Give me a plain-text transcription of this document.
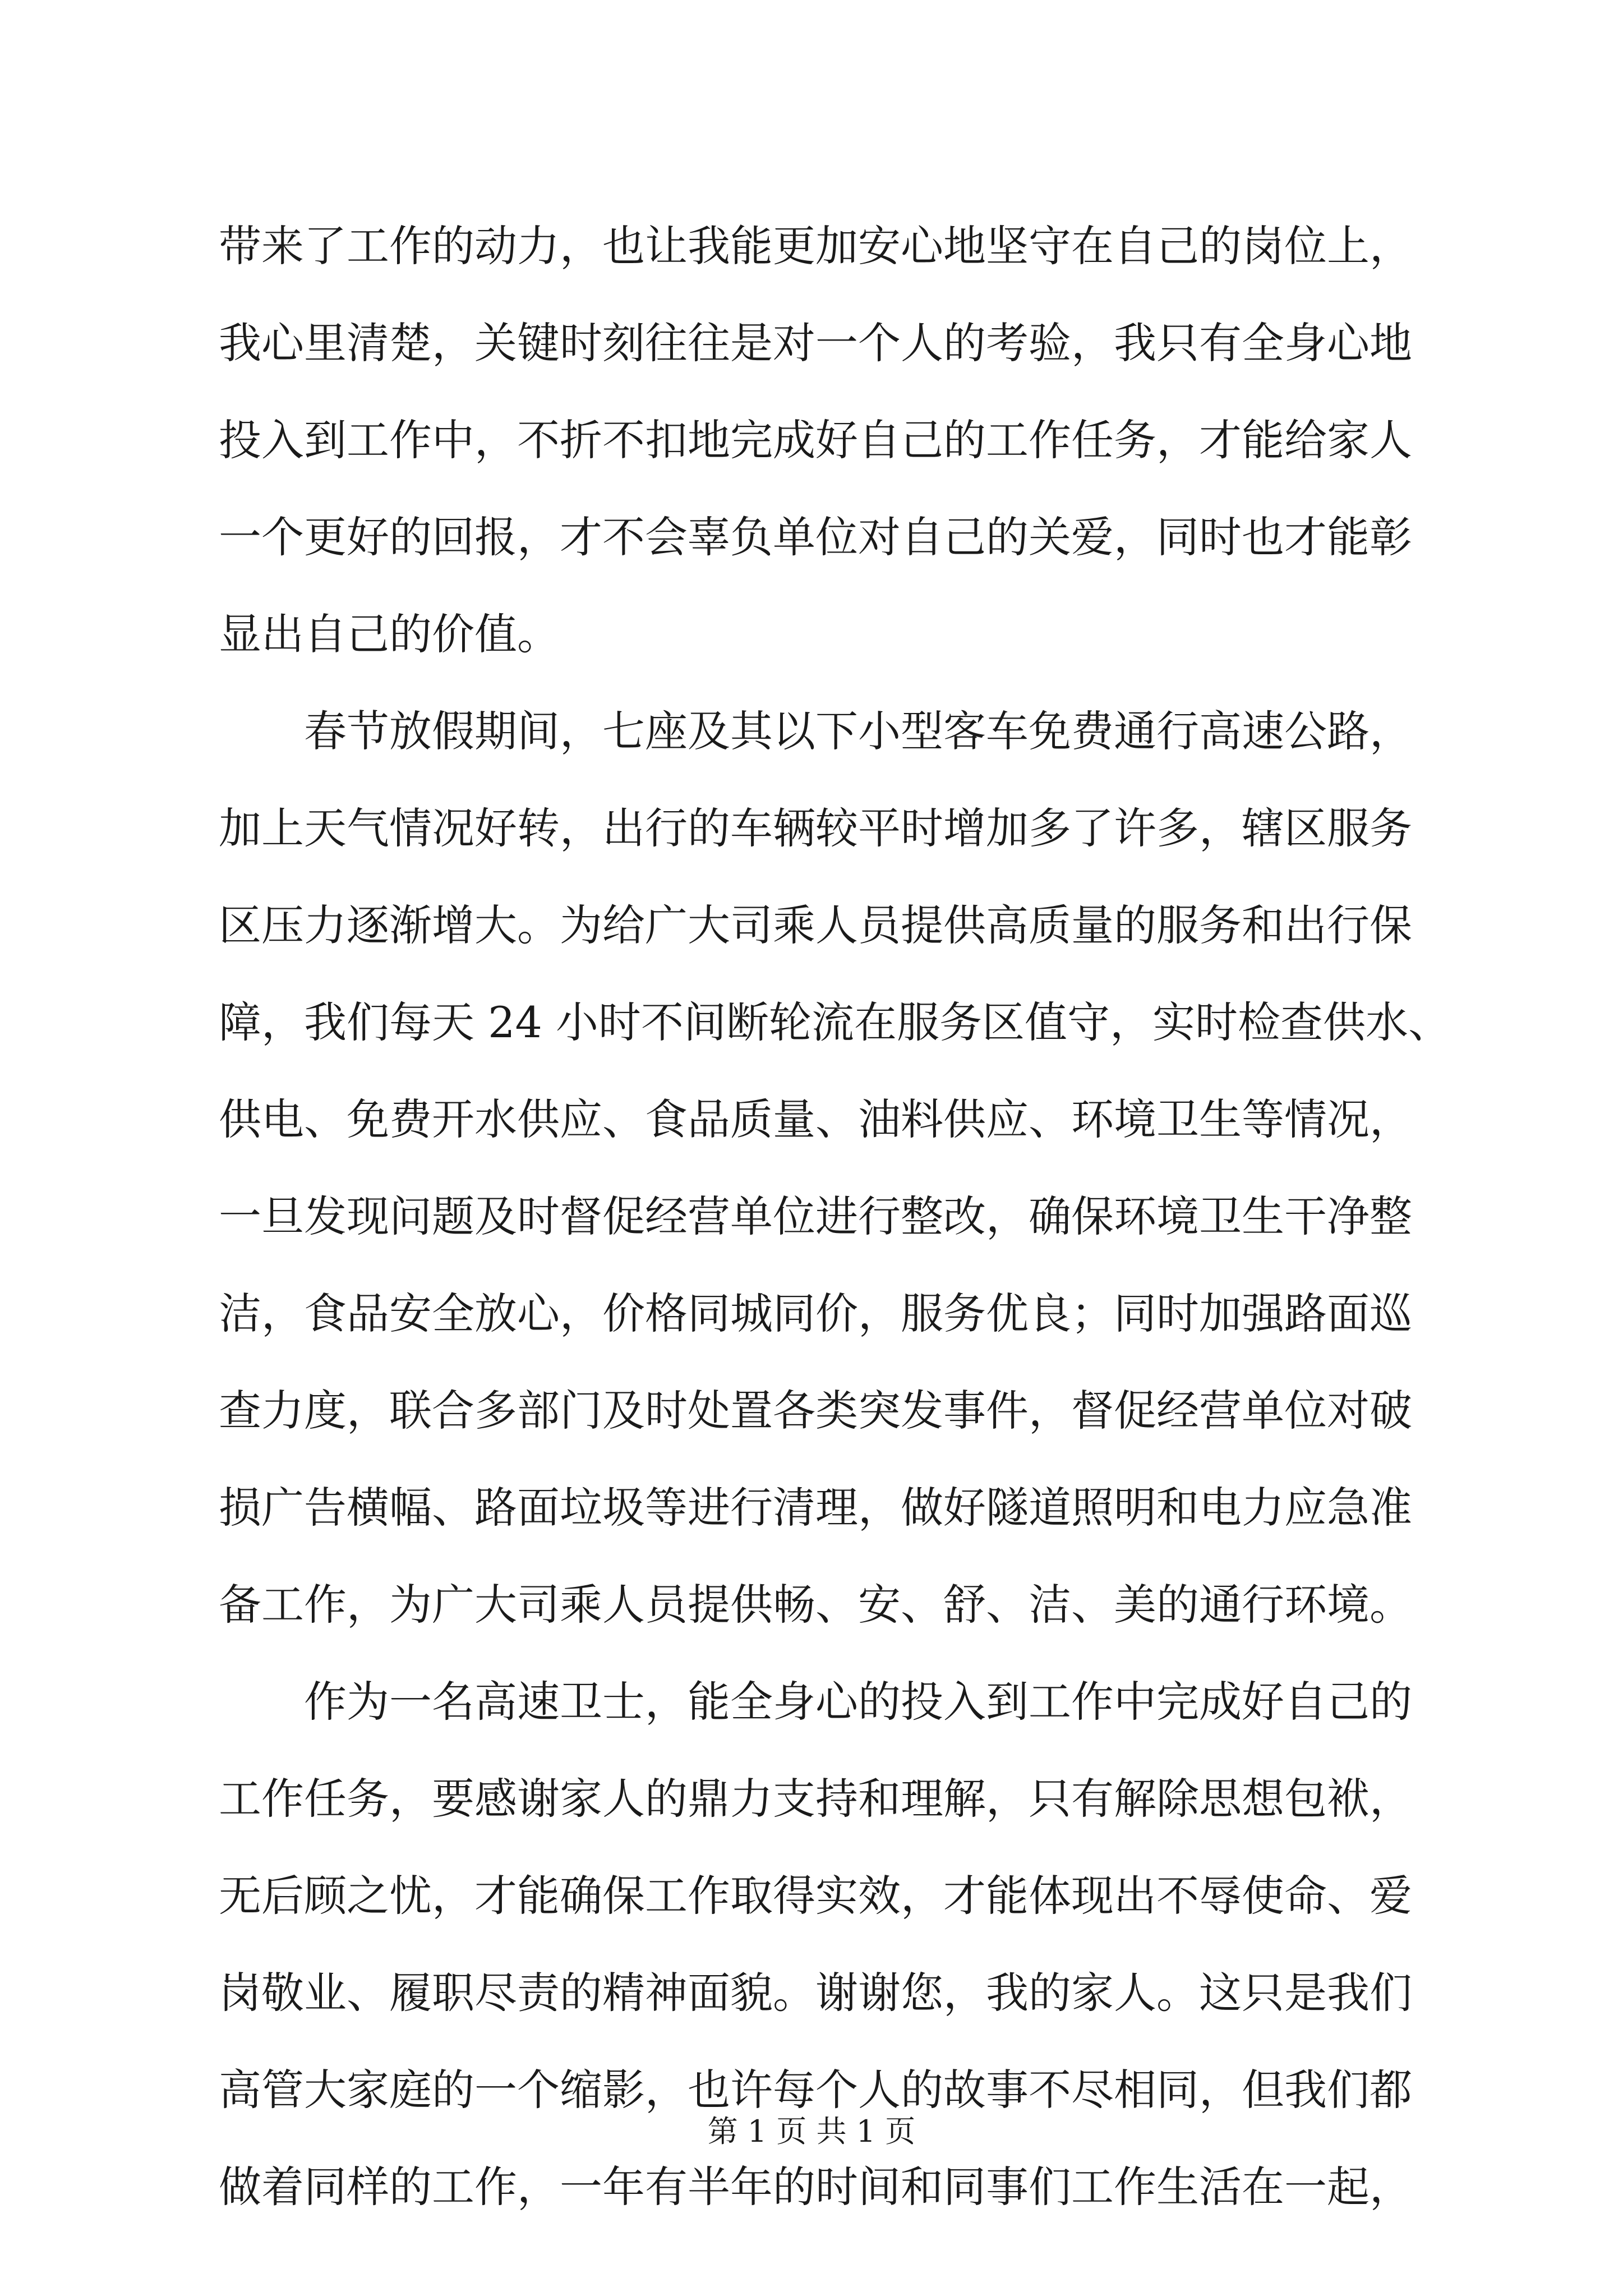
带来了工作的动力，也让我能更加安心地坚守在自己的岗位上，
我心里清楚，关键时刻往往是对一个人的考验，我只有全身心地
投入到工作中，不折不扣地完成好自己的工作任务，才能给家人
一个更好的回报，才不会辜负单位对自己的关爱，同时也才能彰
显出自己的价值。
春节放假期间，七座及其以下小型客车免费通行高速公路，
加上天气情况好转，出行的车辆较平时增加多了许多，辖区服务
区压力逐渐增大。为给广大司乘人员提供高质量的服务和出行保
障，我们每天 24 小时不间断轮流在服务区值守，实时检查供水、
供电、免费开水供应、食品质量、油料供应、环境卫生等情况，
一旦发现问题及时督促经营单位进行整改，确保环境卫生干净整
洁，食品安全放心，价格同城同价，服务优良；同时加强路面巡
查力度，联合多部门及时处置各类突发事件，督促经营单位对破
损广告横幅、路面垃圾等进行清理，做好隧道照明和电力应急准
备工作，为广大司乘人员提供畅、安、舒、洁、美的通行环境。
作为一名高速卫士，能全身心的投入到工作中完成好自己的
工作任务，要感谢家人的鼎力支持和理解，只有解除思想包袱，
无后顾之忧，才能确保工作取得实效，才能体现出不辱使命、爱
岗敬业、履职尽责的精神面貌。谢谢您，我的家人。这只是我们
高管大家庭的一个缩影，也许每个人的故事不尽相同，但我们都
做着同样的工作，一年有半年的时间和同事们工作生活在一起，
第 1 页 共 1 页
